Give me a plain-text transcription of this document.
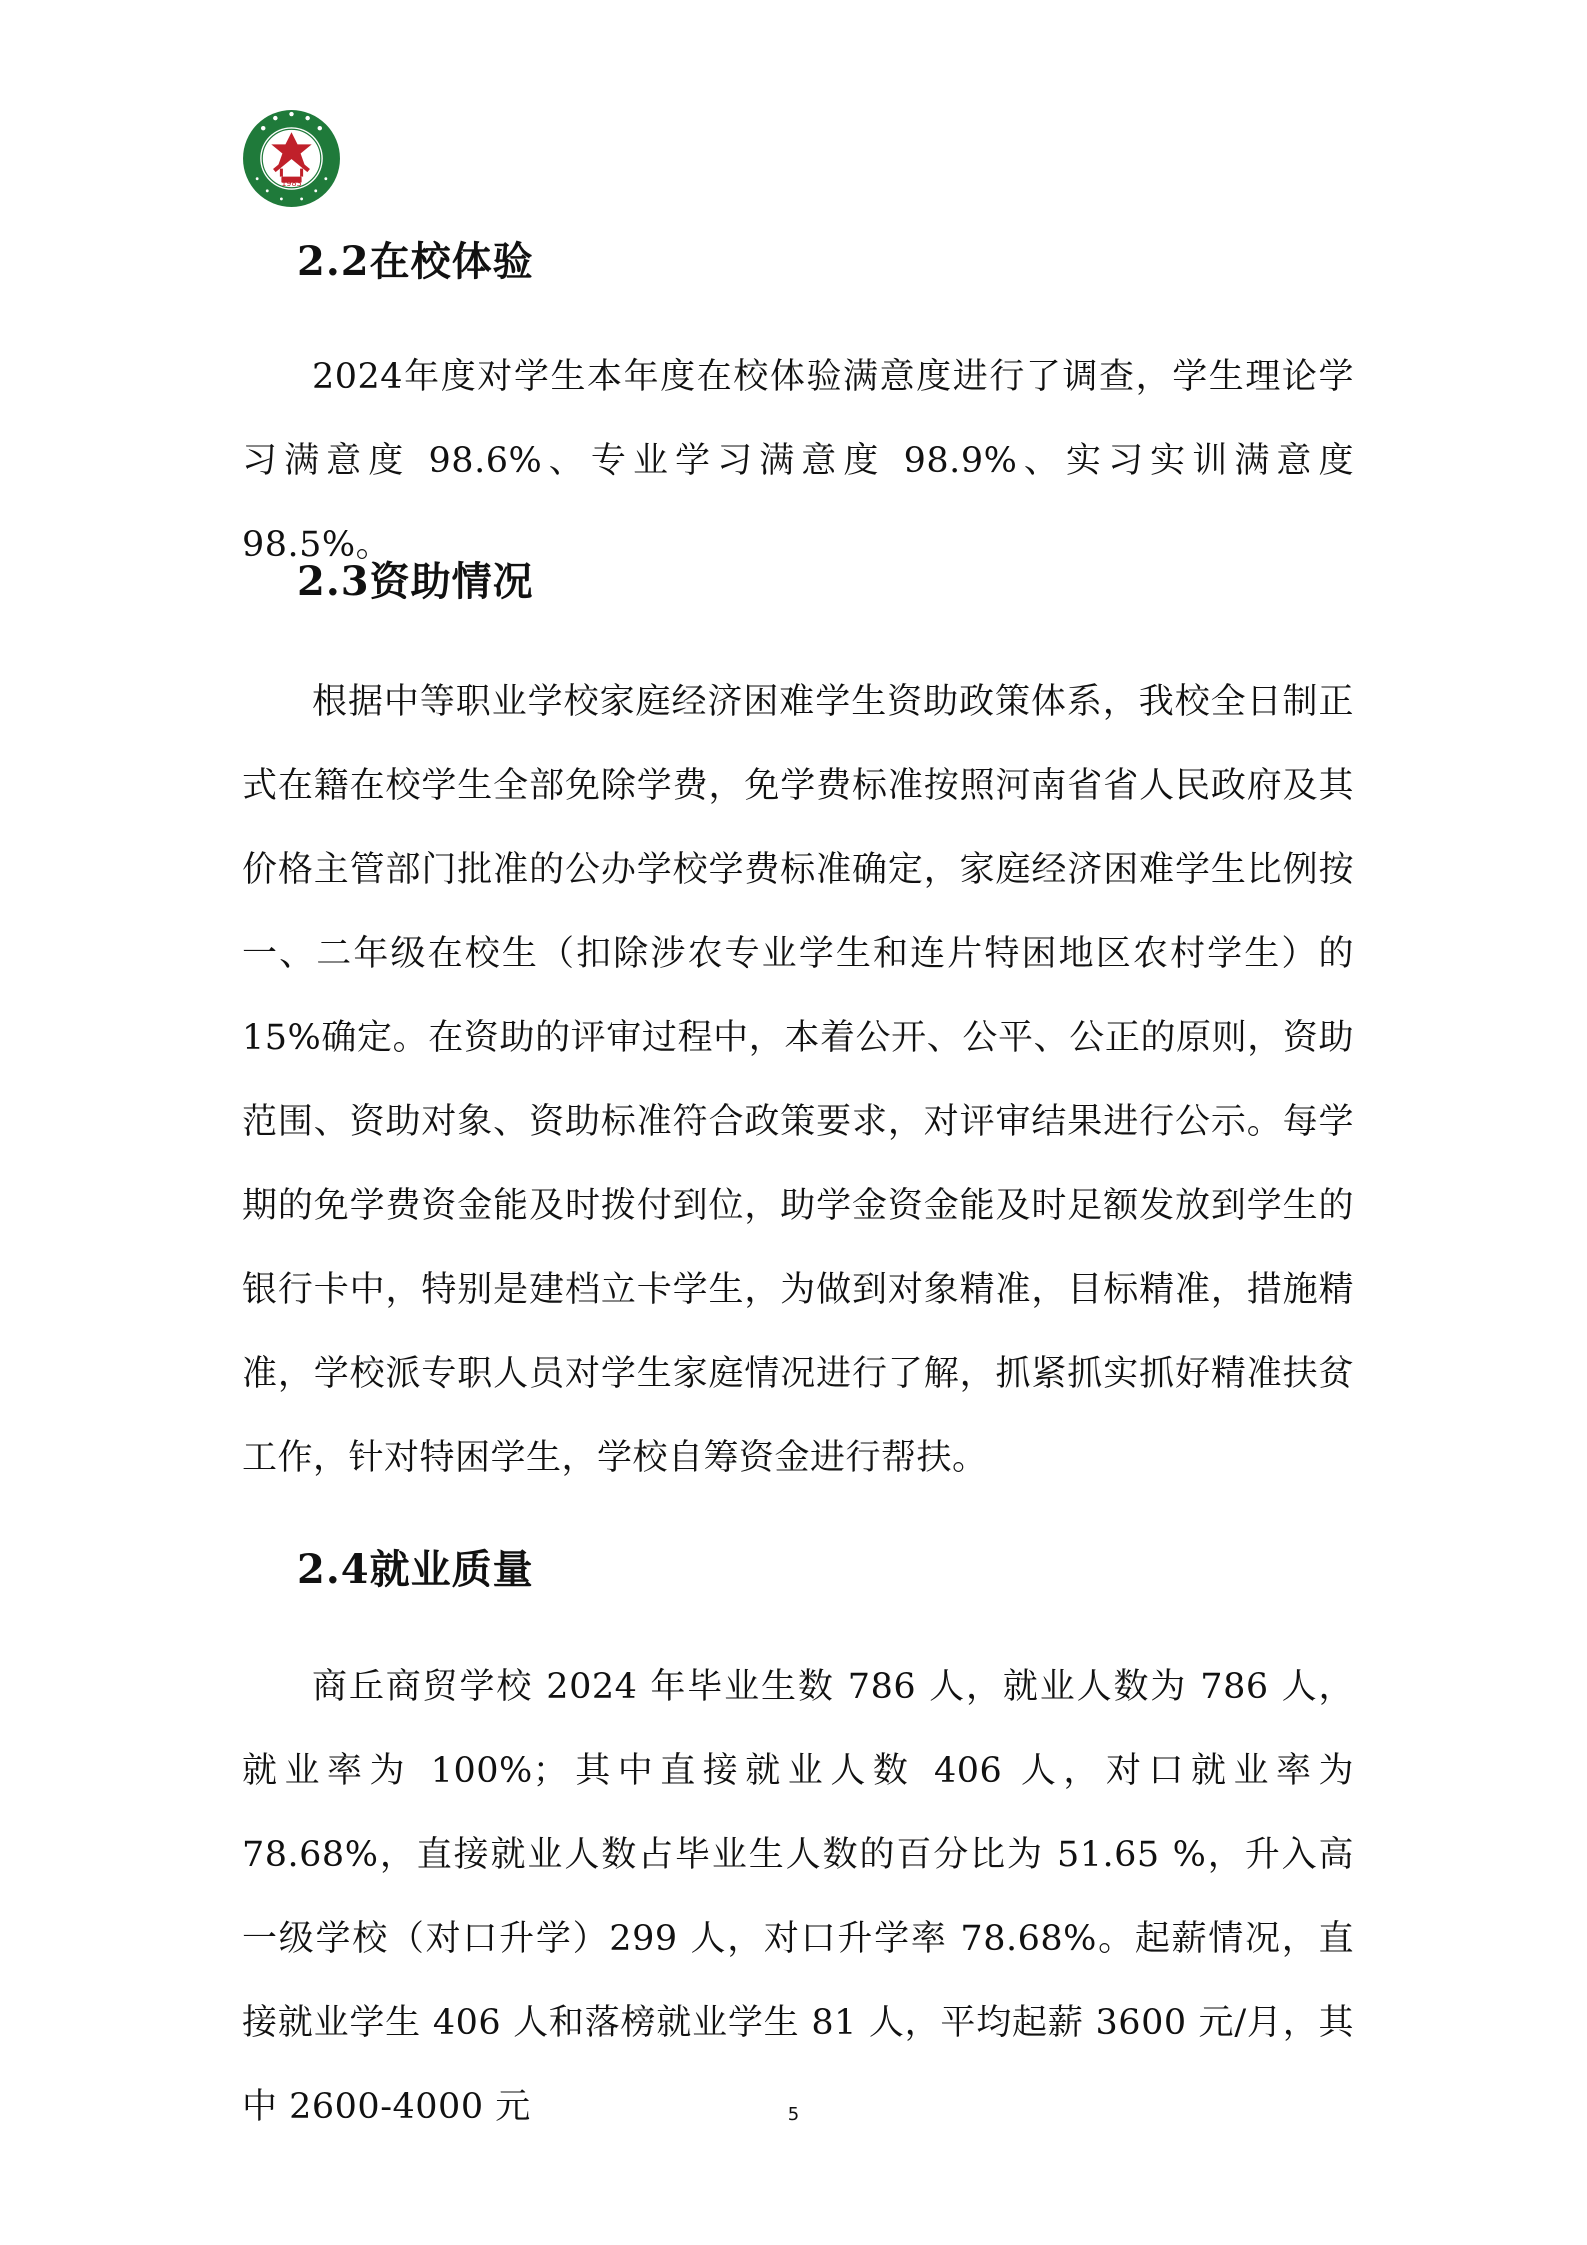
1983
2.2在校体验

2024年度对学生本年度在校体验满意度进行了调查，学生理论学习满意度 98.6%、专业学习满意度 98.9%、实习实训满意度 98.5%。

2.3资助情况

根据中等职业学校家庭经济困难学生资助政策体系，我校全日制正式在籍在校学生全部免除学费，免学费标准按照河南省省人民政府及其价格主管部门批准的公办学校学费标准确定，家庭经济困难学生比例按一、二年级在校生（扣除涉农专业学生和连片特困地区农村学生）的 15%确定。在资助的评审过程中，本着公开、公平、公正的原则，资助范围、资助对象、资助标准符合政策要求，对评审结果进行公示。每学期的免学费资金能及时拨付到位，助学金资金能及时足额发放到学生的银行卡中，特别是建档立卡学生，为做到对象精准，目标精准，措施精准，学校派专职人员对学生家庭情况进行了解，抓紧抓实抓好精准扶贫工作，针对特困学生，学校自筹资金进行帮扶。

2.4就业质量

商丘商贸学校 2024 年毕业生数 786 人，就业人数为 786 人，就业率为 100%；其中直接就业人数 406 人，对口就业率为 78.68%，直接就业人数占毕业生人数的百分比为 51.65 %，升入高一级学校（对口升学）299 人，对口升学率 78.68%。起薪情况，直接就业学生 406 人和落榜就业学生 81 人，平均起薪 3600 元/月，其中 2600-4000 元	5
